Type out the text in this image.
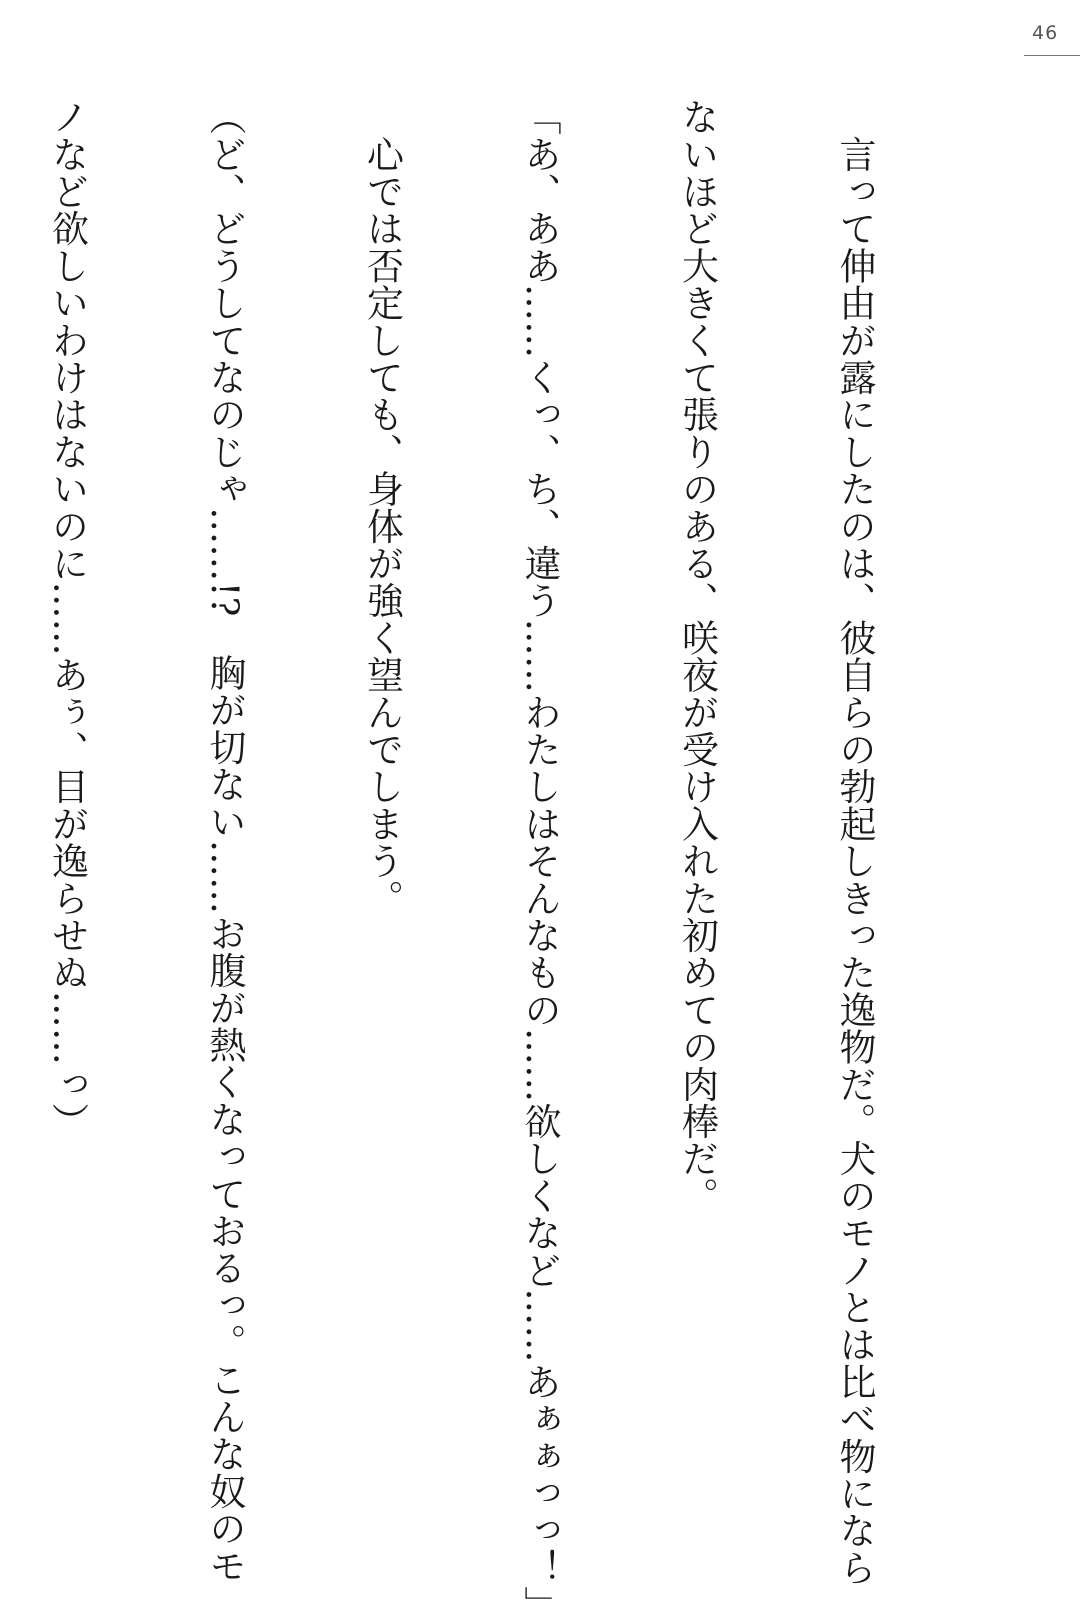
46

　言って伸由が露にしたのは、彼自らの勃起しきった逸物だ。犬のモノとは比べ物になら

ないほど大きくて張りのある、咲夜が受け入れた初めての肉棒だ。

「あ、ああ……くっ、ち、違う……わたしはそんなもの……欲しくなど……あぁぁっっ！」

　心では否定しても、身体が強く望んでしまう。

（ど、どうしてなのじゃ……!?　胸が切ない……お腹が熱くなっておるっ。こんな奴のモ

ノなど欲しいわけはないのに……あぅ、目が逸らせぬ……っ）
